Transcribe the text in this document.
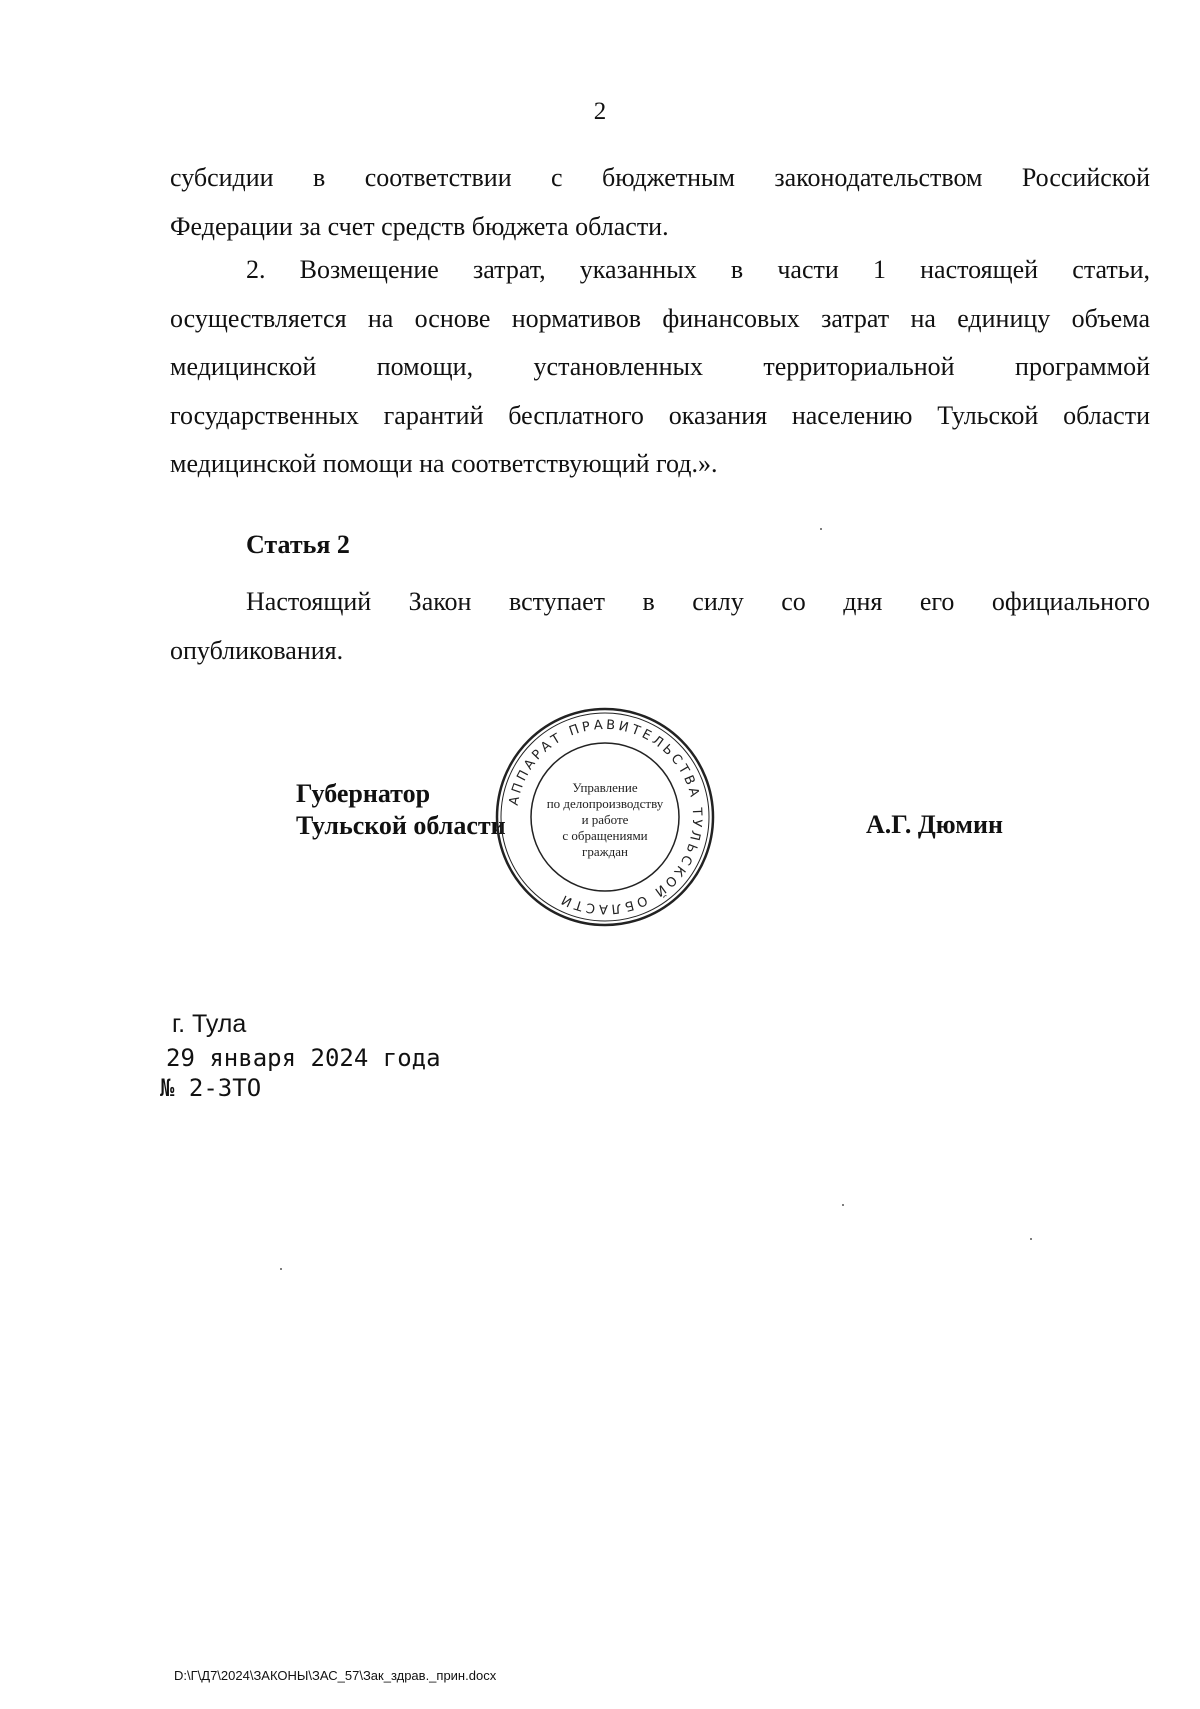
2
субсидии в соответствии с бюджетным законодательством Российской
Федерации за счет средств бюджета области.
2. Возмещение затрат, указанных в части 1 настоящей статьи,
осуществляется на основе нормативов финансовых затрат на единицу объема
медицинской помощи, установленных территориальной программой
государственных гарантий бесплатного оказания населению Тульской области
медицинской помощи на соответствующий год.».
Статья 2
Настоящий Закон вступает в силу со дня его официального
опубликования.
Губернатор
Тульской области
АППАРАТ ПРАВИТЕЛЬСТВА ТУЛЬСКОЙ ОБЛАСТИ
Управление
по делопроизводству
и работе
с обращениями
граждан
А.Г. Дюмин
г. Тула
29 января 2024 года
№ 2-ЗТО
D:\Г\Д7\2024\ЗАКОНЫ\ЗАС_57\Зак_здрав._прин.docx
